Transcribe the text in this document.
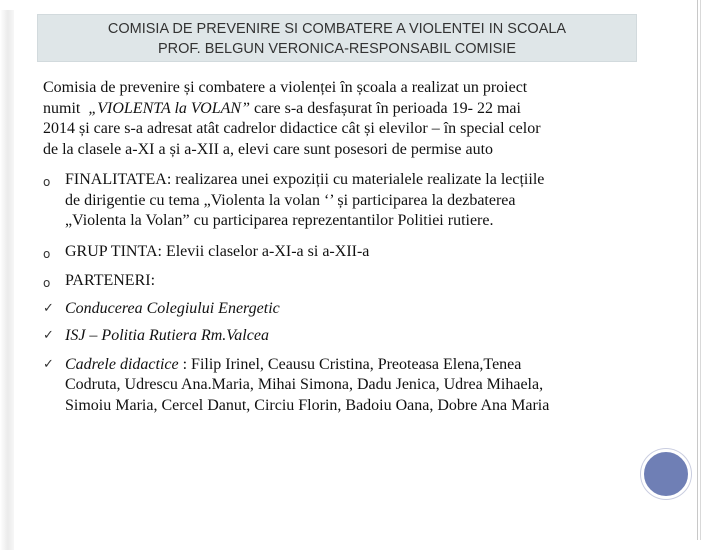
COMISIA DE PREVENIRE SI COMBATERE A VIOLENTEI IN SCOALA
PROF. BELGUN VERONICA-RESPONSABIL COMISIE

Comisia de prevenire și combatere a violenței în școala a realizat un proiect

numit  „VIOLENTA la VOLAN” care s-a desfașurat în perioada 19- 22 mai

2014 și care s-a adresat atât cadrelor didactice cât și elevilor – în special celor

de la clasele a-XI a și a-XII a, elevi care sunt posesori de permise auto

o FINALITATEA: realizarea unei expoziții cu materialele realizate la lecțiile
de dirigentie cu tema „Violenta la volan ‘’ și participarea la dezbaterea
„Violenta la Volan” cu participarea reprezentantilor Politiei rutiere.
o GRUP TINTA: Elevii claselor a-XI-a si a-XII-a
o PARTENERI:
✓ Conducerea Colegiului Energetic
✓ ISJ – Politia Rutiera Rm.Valcea
✓ Cadrele didactice : Filip Irinel, Ceausu Cristina, Preoteasa Elena,Tenea
Codruta, Udrescu Ana.Maria, Mihai Simona, Dadu Jenica, Udrea Mihaela,
Simoiu Maria, Cercel Danut, Circiu Florin, Badoiu Oana, Dobre Ana Maria
